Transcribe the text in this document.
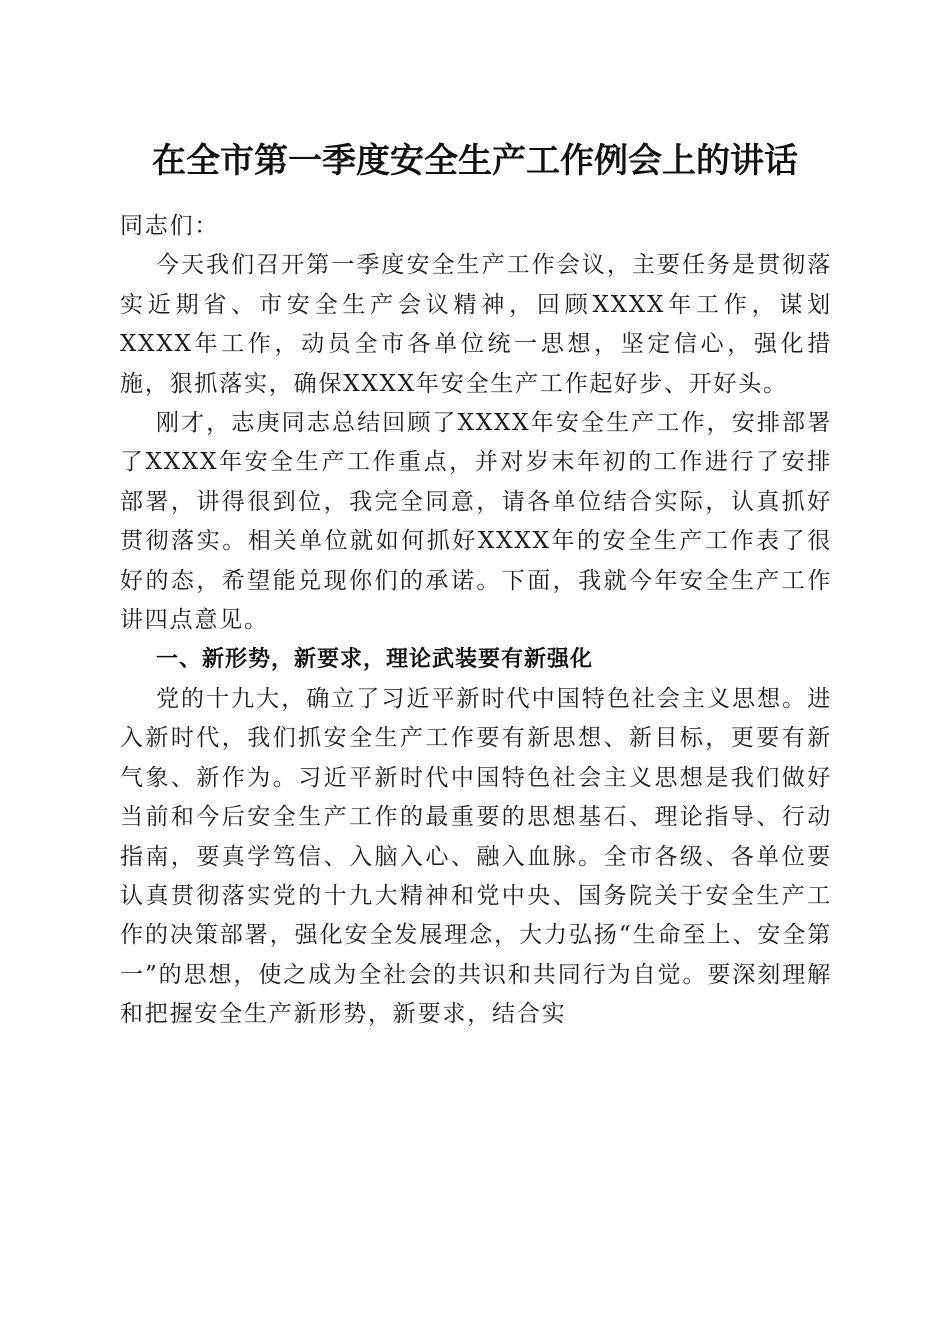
在全市第一季度安全生产工作例会上的讲话

同志们：

今天我们召开第一季度安全生产工作会议，主要任务是贯彻落实近期省、市安全生产会议精神，回顾XXXX年工作，谋划XXXX年工作，动员全市各单位统一思想，坚定信心，强化措施，狠抓落实，确保XXXX年安全生产工作起好步、开好头。

刚才，志庚同志总结回顾了XXXX年安全生产工作，安排部署了XXXX年安全生产工作重点，并对岁末年初的工作进行了安排部署，讲得很到位，我完全同意，请各单位结合实际，认真抓好贯彻落实。相关单位就如何抓好XXXX年的安全生产工作表了很好的态，希望能兑现你们的承诺。下面，我就今年安全生产工作讲四点意见。

一、新形势，新要求，理论武装要有新强化

党的十九大，确立了习近平新时代中国特色社会主义思想。进入新时代，我们抓安全生产工作要有新思想、新目标，更要有新气象、新作为。习近平新时代中国特色社会主义思想是我们做好当前和今后安全生产工作的最重要的思想基石、理论指导、行动指南，要真学笃信、入脑入心、融入血脉。全市各级、各单位要认真贯彻落实党的十九大精神和党中央、国务院关于安全生产工作的决策部署，强化安全发展理念，大力弘扬“生命至上、安全第一”的思想，使之成为全社会的共识和共同行为自觉。要深刻理解和把握安全生产新形势，新要求，结合实
